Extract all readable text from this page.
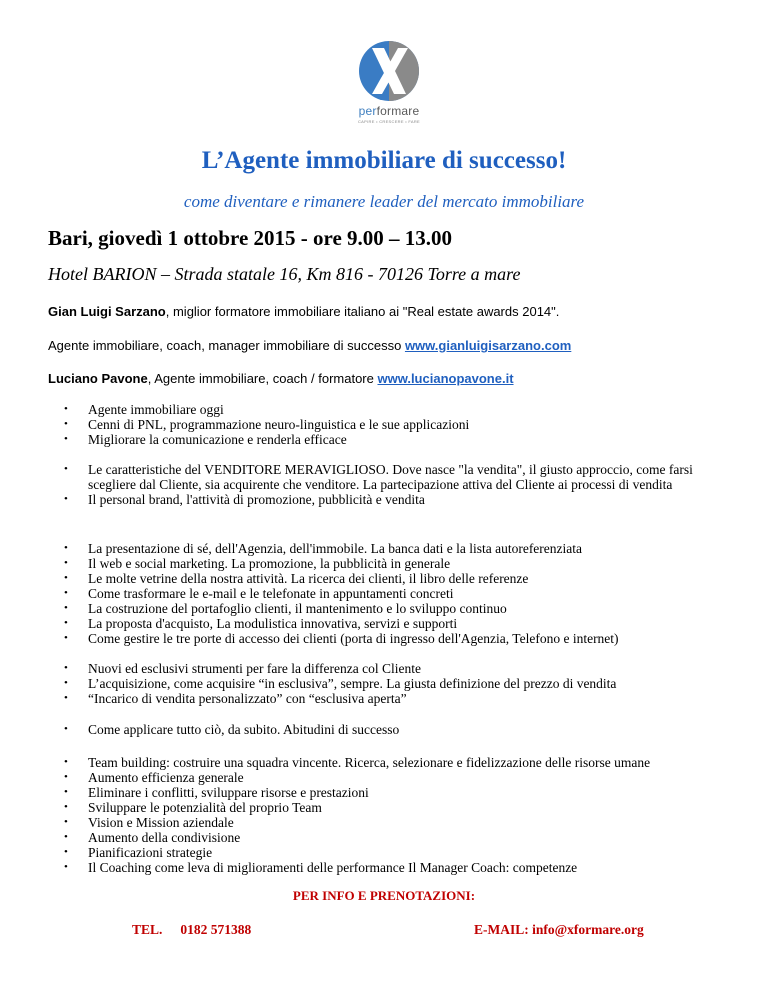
performare
CAPIRE • CRESCERE • FARE
L’Agente immobiliare di successo!
come diventare e rimanere leader del mercato immobiliare
Bari, giovedì 1 ottobre 2015 - ore 9.00 – 13.00
Hotel BARION – Strada statale 16, Km 816 - 70126 Torre a mare
Gian Luigi Sarzano, miglior formatore immobiliare italiano ai "Real estate awards 2014".
Agente immobiliare, coach, manager immobiliare di successo www.gianluigisarzano.com
Luciano Pavone, Agente immobiliare, coach / formatore www.lucianopavone.it
• Agente immobiliare oggi
• Cenni di PNL, programmazione neuro-linguistica e le sue applicazioni
• Migliorare la comunicazione e renderla efficace
• Le caratteristiche del VENDITORE MERAVIGLIOSO. Dove nasce "la vendita", il giusto approccio, come farsi scegliere dal Cliente, sia acquirente che venditore. La partecipazione attiva del Cliente ai processi di vendita
• Il personal brand, l'attività di promozione, pubblicità e vendita
• La presentazione di sé, dell'Agenzia, dell'immobile. La banca dati e la lista autoreferenziata
• Il web e social marketing. La promozione, la pubblicità in generale
• Le molte vetrine della nostra attività. La ricerca dei clienti, il libro delle referenze
• Come trasformare le e-mail e le telefonate in appuntamenti concreti
• La costruzione del portafoglio clienti, il mantenimento e lo sviluppo continuo
• La proposta d'acquisto, La modulistica innovativa, servizi e supporti
• Come gestire le tre porte di accesso dei clienti (porta di ingresso dell'Agenzia, Telefono e internet)
• Nuovi ed esclusivi strumenti per fare la differenza col Cliente
• L’acquisizione, come acquisire “in esclusiva”, sempre. La giusta definizione del prezzo di vendita
• “Incarico di vendita personalizzato” con “esclusiva aperta”
• Come applicare tutto ciò, da subito. Abitudini di successo
• Team building: costruire una squadra vincente. Ricerca, selezionare e fidelizzazione delle risorse umane
• Aumento efficienza generale
• Eliminare i conflitti, sviluppare risorse e prestazioni
• Sviluppare le potenzialità del proprio Team
• Vision e Mission aziendale
• Aumento della condivisione
• Pianificazioni strategie
• Il Coaching come leva di miglioramenti delle performance Il Manager Coach: competenze
PER INFO E PRENOTAZIONI:
TEL. 0182 571388	E-MAIL: info@xformare.org
